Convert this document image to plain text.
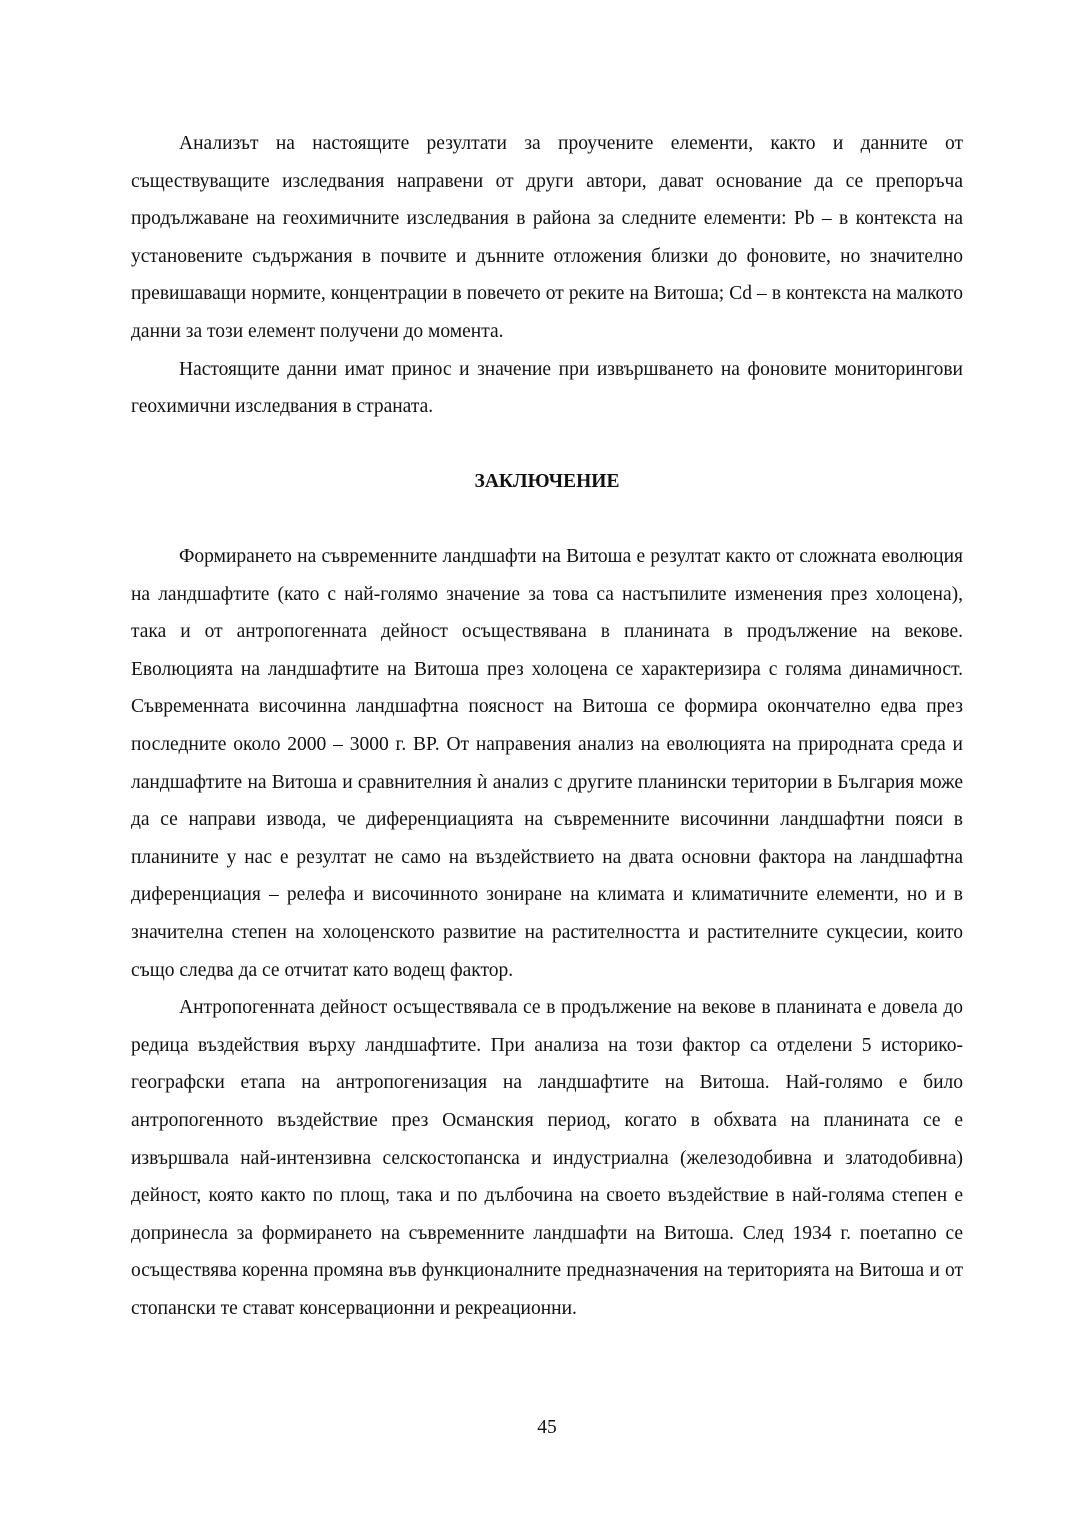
Анализът на настоящите резултати за проучените елементи, както и данните от съществуващите изследвания направени от други автори, дават основание да се препоръча продължаване на геохимичните изследвания в района за следните елементи: Pb – в контекста на установените съдържания в почвите и дънните отложения близки до фоновите, но значително превишаващи нормите, концентрации в повечето от реките на Витоша; Cd – в контекста на малкото данни за този елемент получени до момента.

Настоящите данни имат принос и значение при извършването на фоновите мониторингови геохимични изследвания в страната.

ЗАКЛЮЧЕНИЕ

Формирането на съвременните ландшафти на Витоша е резултат както от сложната еволюция на ландшафтите (като с най-голямо значение за това са настъпилите изменения през холоцена), така и от антропогенната дейност осъществявана в планината в продължение на векове. Еволюцията на ландшафтите на Витоша през холоцена се характеризира с голяма динамичност. Съвременната височинна ландшафтна поясност на Витоша се формира окончателно едва през последните около 2000 – 3000 г. BP. От направения анализ на еволюцията на природната среда и ландшафтите на Витоша и сравнителния ѝ анализ с другите планински територии в България може да се направи извода, че диференциацията на съвременните височинни ландшафтни пояси в планините у нас е резултат не само на въздействието на двата основни фактора на ландшафтна диференциация – релефа и височинното зониране на климата и климатичните елементи, но и в значителна степен на холоценското развитие на растителността и растителните сукцесии, които също следва да се отчитат като водещ фактор.

Антропогенната дейност осъществявала се в продължение на векове в планината е довела до редица въздействия върху ландшафтите. При анализа на този фактор са отделени 5 историко-географски етапа на антропогенизация на ландшафтите на Витоша. Най-голямо е било антропогенното въздействие през Османския период, когато в обхвата на планината се е извършвала най-интензивна селскостопанска и индустриална (железодобивна и златодобивна) дейност, която както по площ, така и по дълбочина на своето въздействие в най-голяма степен е допринесла за формирането на съвременните ландшафти на Витоша. След 1934 г. поетапно се осъществява коренна промяна във функционалните предназначения на територията на Витоша и от стопански те стават консервационни и рекреационни.

45
